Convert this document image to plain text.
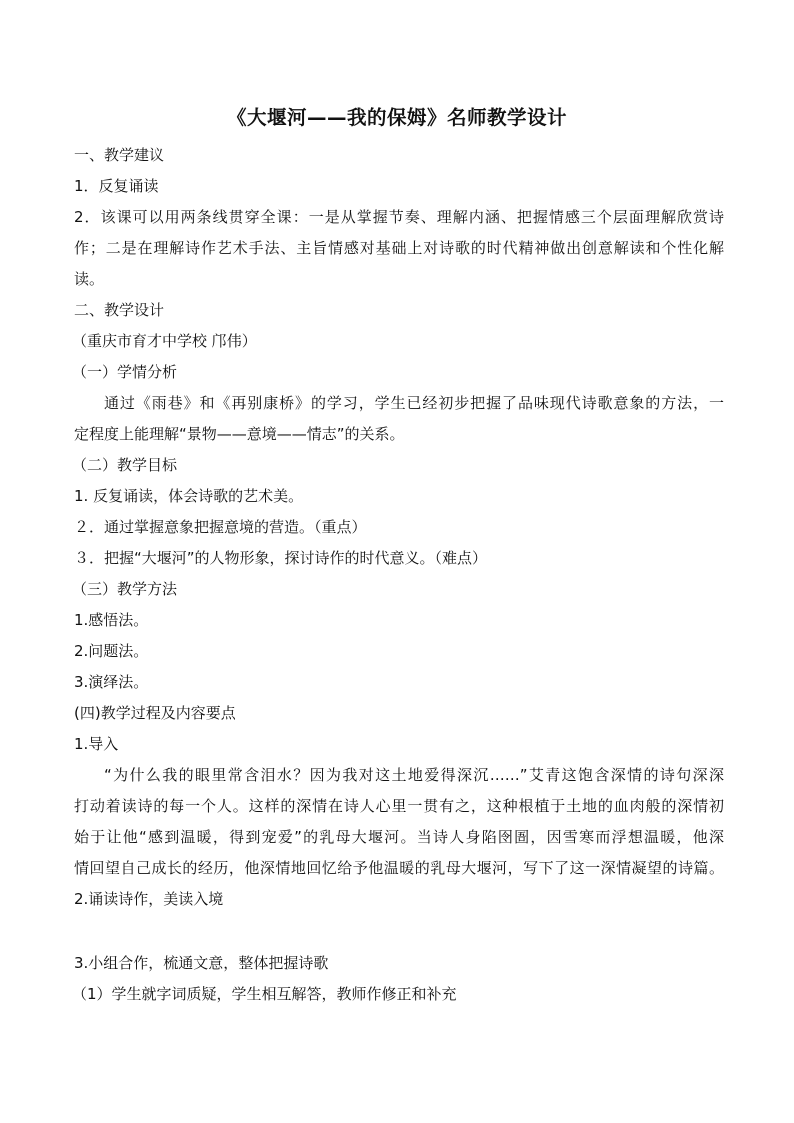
《大堰河——我的保姆》名师教学设计
一、教学建议
1．反复诵读
2．该课可以用两条线贯穿全课：一是从掌握节奏、理解内涵、把握情感三个层面理解欣赏诗
作；二是在理解诗作艺术手法、主旨情感对基础上对诗歌的时代精神做出创意解读和个性化解
读。
二、教学设计
（重庆市育才中学校 邝伟）
（一）学情分析
通过《雨巷》和《再别康桥》的学习，学生已经初步把握了品味现代诗歌意象的方法，一
定程度上能理解“景物——意境——情志”的关系。
（二）教学目标
1. 反复诵读，体会诗歌的艺术美。
２．通过掌握意象把握意境的营造。（重点）
３．把握“大堰河”的人物形象，探讨诗作的时代意义。（难点）
（三）教学方法
1.感悟法。
2.问题法。
3.演绎法。
(四)教学过程及内容要点
1.导入
“为什么我的眼里常含泪水？因为我对这土地爱得深沉……”艾青这饱含深情的诗句深深
打动着读诗的每一个人。这样的深情在诗人心里一贯有之，这种根植于土地的血肉般的深情初
始于让他“感到温暖，得到宠爱”的乳母大堰河。当诗人身陷囹圄，因雪寒而浮想温暖，他深
情回望自己成长的经历，他深情地回忆给予他温暖的乳母大堰河，写下了这一深情凝望的诗篇。
2.诵读诗作，美读入境
3.小组合作，梳通文意，整体把握诗歌
（1）学生就字词质疑，学生相互解答，教师作修正和补充
